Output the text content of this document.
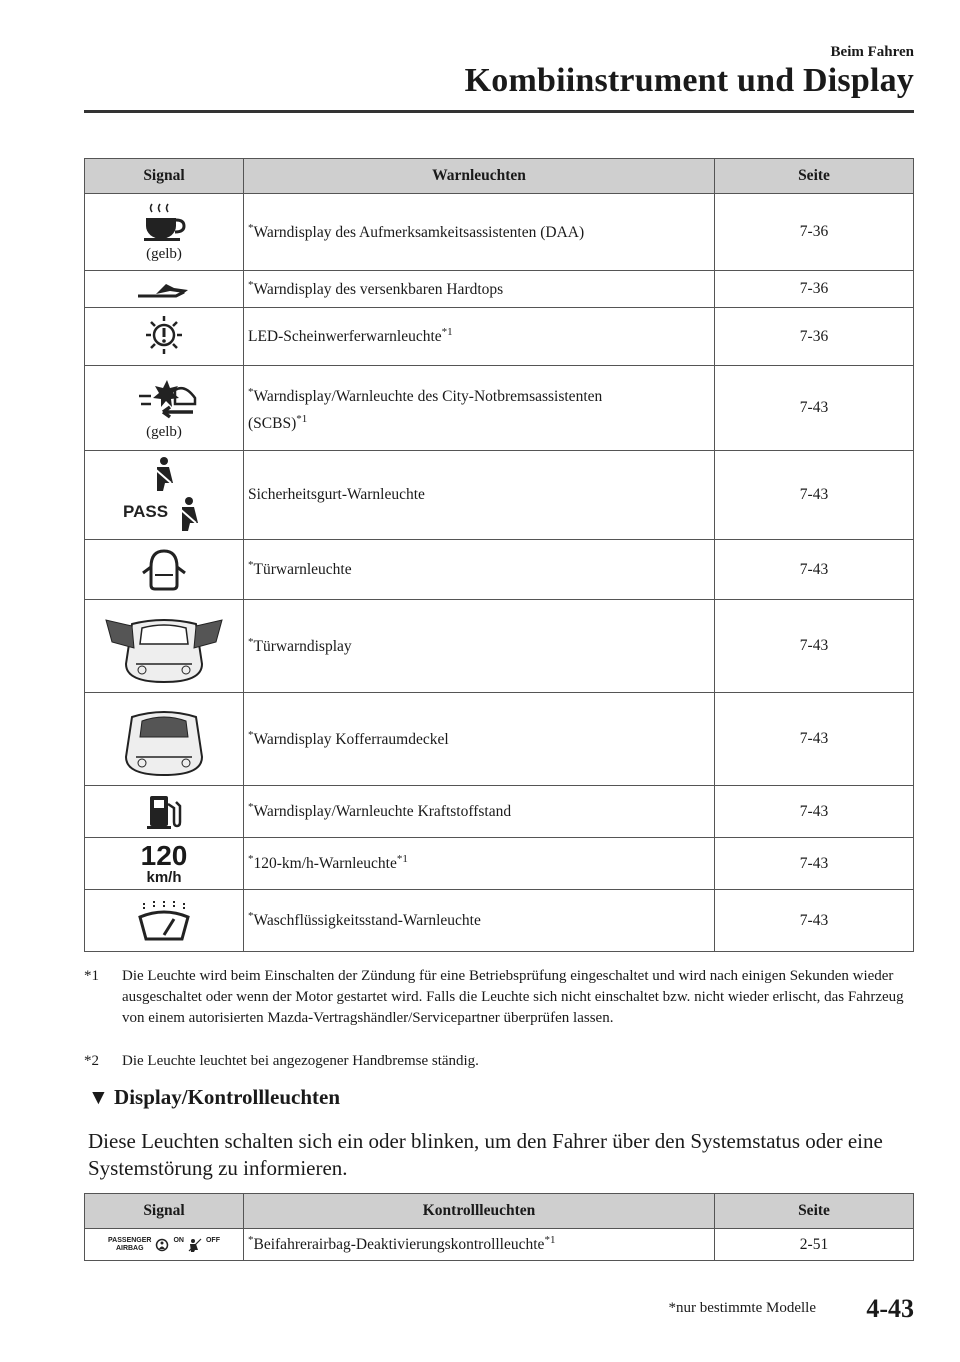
Beim Fahren
Kombiinstrument und Display
Signal	Warnleuchten	Seite

(gelb)	*Warndisplay des Aufmerksamkeitsassistenten (DAA)	7-36

	*Warndisplay des versenkbaren Hardtops	7-36

	LED-Scheinwerferwarnleuchte$^{*1}$	7-36

(gelb)	*Warndisplay/Warnleuchte des City-Notbremsassistenten
(SCBS)$^{*1}$	7-43

PASS	Sicherheitsgurt-Warnleuchte	7-43

	*Türwarnleuchte	7-43

	*Türwarndisplay	7-43

	*Warndisplay Kofferraumdeckel	7-43

	*Warndisplay/Warnleuchte Kraftstoffstand	7-43

120
km/h	*120-km/h-Warnleuchte$^{*1}$	7-43

	*Waschflüssigkeitsstand-Warnleuchte	7-43
*1 Die Leuchte wird beim Einschalten der Zündung für eine Betriebsprüfung eingeschaltet und wird nach einigen Sekunden wieder ausgeschaltet oder wenn der Motor gestartet wird. Falls die Leuchte sich nicht einschaltet bzw. nicht wieder erlischt, das Fahrzeug von einem autorisierten Mazda-Vertragshändler/Servicepartner überprüfen lassen.
*2 Die Leuchte leuchtet bei angezogener Handbremse ständig.
▼ Display/Kontrollleuchten
Diese Leuchten schalten sich ein oder blinken, um den Fahrer über den Systemstatus oder eine Systemstörung zu informieren.
Signal	Kontrollleuchten	Seite

PASSENGER
AIRBAG
ON OFF	*Beifahrerairbag-Deaktivierungskontrollleuchte$^{*1}$	2-51
*nur bestimmte Modelle 4-43
